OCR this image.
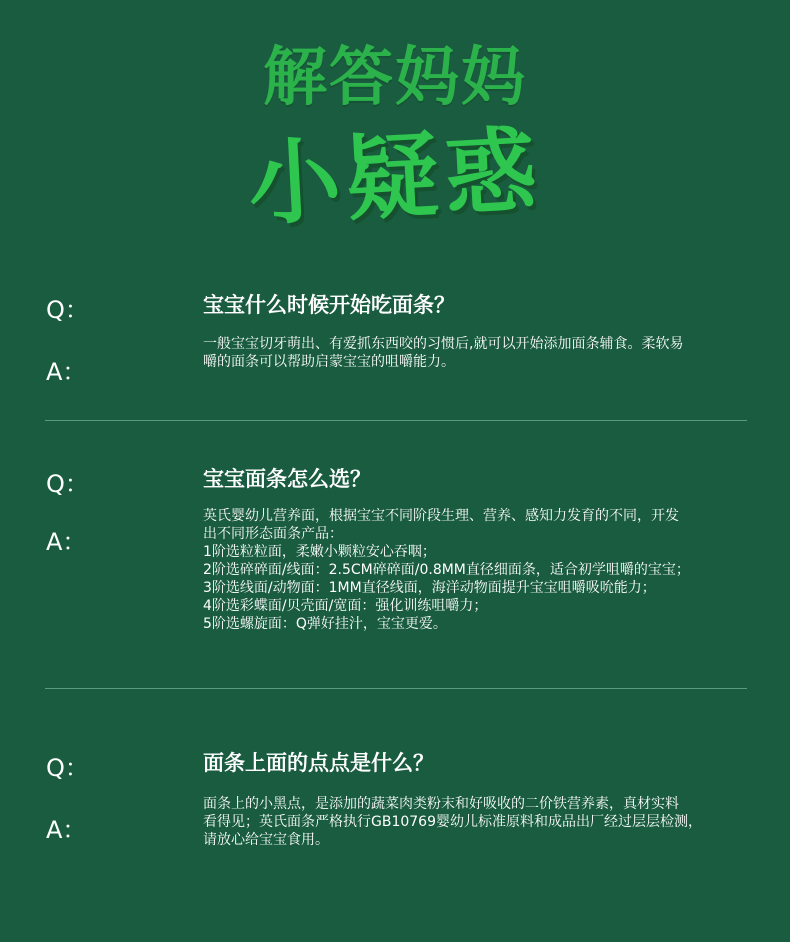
解答妈妈
小疑惑
Q：	宝宝什么时候开始吃面条？
A：
一般宝宝切牙萌出、有爱抓东西咬的习惯后,就可以开始添加面条辅食。柔软易
嚼的面条可以帮助启蒙宝宝的咀嚼能力。
Q：	宝宝面条怎么选？
A：
英氏婴幼儿营养面，根据宝宝不同阶段生理、营养、感知力发育的不同，开发
出不同形态面条产品：
1阶选粒粒面，柔嫩小颗粒安心吞咽；
2阶选碎碎面/线面：2.5CM碎碎面/0.8MM直径细面条，适合初学咀嚼的宝宝；
3阶选线面/动物面：1MM直径线面，海洋动物面提升宝宝咀嚼吸吮能力；
4阶选彩蝶面/贝壳面/宽面：强化训练咀嚼力；
5阶选螺旋面：Q弹好挂汁，宝宝更爱。
Q：	面条上面的点点是什么？
A：
面条上的小黑点，是添加的蔬菜肉类粉末和好吸收的二价铁营养素，真材实料
看得见；英氏面条严格执行GB10769婴幼儿标准原料和成品出厂经过层层检测，
请放心给宝宝食用。
